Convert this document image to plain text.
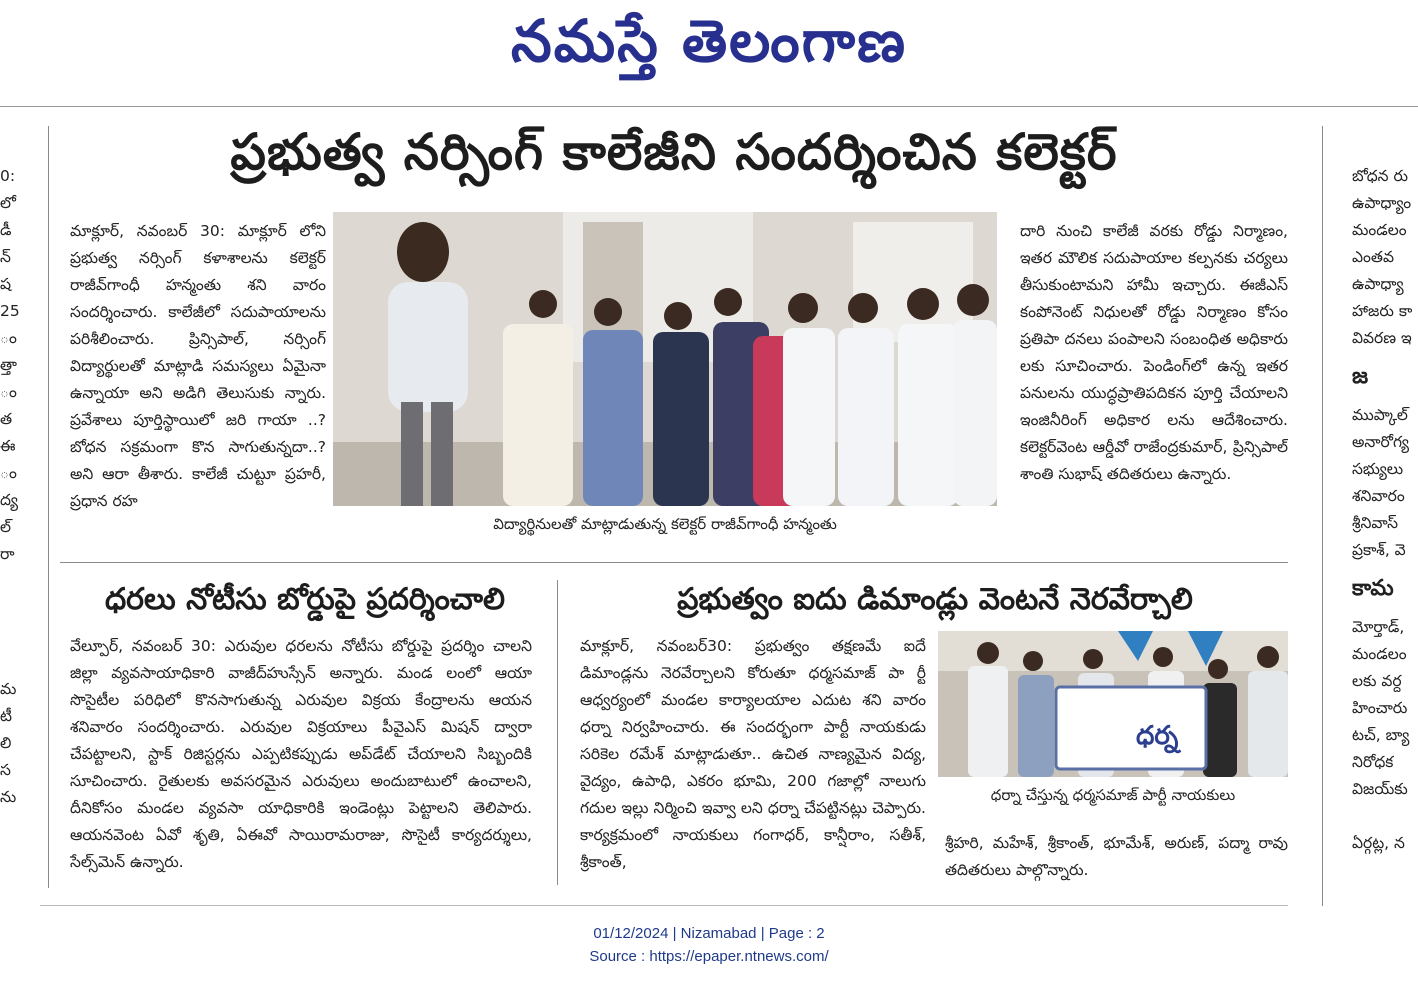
నమస్తే తెలంగాణ
0:
లో
డీ
న్
ష
25
ం
త్తా
ం
త
ఈ
ం
ద్య
ల్
రా
మ
టీ
లి
స
ను
ప్రభుత్వ నర్సింగ్ కాలేజీని సందర్శించిన కలెక్టర్
మాక్లూర్, నవంబర్ 30: మాక్లూర్ లోని ప్రభుత్వ నర్సింగ్ కళాశాలను కలెక్టర్ రాజీవ్‌గాంధీ హన్మంతు శని వారం సందర్శించారు. కాలేజీలో సదుపాయాలను పరిశీలించారు. ప్రిన్సిపాల్, నర్సింగ్ విద్యార్థులతో మాట్లాడి సమస్యలు ఏమైనా ఉన్నాయా అని అడిగి తెలుసుకు న్నారు. ప్రవేశాలు పూర్తిస్థాయిలో జరి గాయా ..? బోధన సక్రమంగా కొన సాగుతున్నదా..? అని ఆరా తీశారు. కాలేజీ చుట్టూ ప్రహరీ, ప్రధాన రహ
విద్యార్థినులతో మాట్లాడుతున్న కలెక్టర్ రాజీవ్‌గాంధీ హన్మంతు
దారి నుంచి కాలేజీ వరకు రోడ్డు నిర్మాణం, ఇతర మౌలిక సదుపాయాల కల్పనకు చర్యలు తీసుకుంటామని హామీ ఇచ్చారు. ఈజీఎస్ కంపోనెంట్ నిధులతో రోడ్డు నిర్మాణం కోసం ప్రతిపా దనలు పంపాలని సంబంధిత అధికారు లకు సూచించారు. పెండింగ్‌లో ఉన్న ఇతర పనులను యుద్ధప్రాతిపదికన పూర్తి చేయాలని ఇంజినీరింగ్ అధికార లను ఆదేశించారు. కలెక్టర్‌వెంట ఆర్డీవో రాజేంద్రకుమార్, ప్రిన్సిపాల్ శాంతి సుభాష్ తదితరులు ఉన్నారు.
ధరలు నోటీసు బోర్డుపై ప్రదర్శించాలి
వేల్పూర్, నవంబర్ 30: ఎరువుల ధరలను నోటీసు బోర్డుపై ప్రదర్శిం చాలని జిల్లా వ్యవసాయాధికారి వాజీద్‌హుస్సేన్ అన్నారు. మండ లంలో ఆయా సొసైటీల పరిధిలో కొనసాగుతున్న ఎరువుల విక్రయ కేంద్రాలను ఆయన శనివారం సందర్శించారు. ఎరువుల విక్రయాలు పీవైఎస్ మిషన్ ద్వారా చేపట్టాలని, స్టాక్ రిజిస్టర్లను ఎప్పటికప్పుడు అప్‌డేట్ చేయాలని సిబ్బందికి సూచించారు. రైతులకు అవసరమైన ఎరువులు అందుబాటులో ఉంచాలని, దీనికోసం మండల వ్యవసా యాధికారికి ఇండెంట్లు పెట్టాలని తెలిపారు. ఆయనవెంట ఏవో శృతి, ఏఈవో సాయిరామరాజు, సొసైటీ కార్యదర్శులు, సేల్స్‌మెన్ ఉన్నారు.
ప్రభుత్వం ఐదు డిమాండ్లు వెంటనే నెరవేర్చాలి
మాక్లూర్, నవంబర్30: ప్రభుత్వం తక్షణమే ఐదే డిమాండ్లను నెరవేర్చాలని కోరుతూ ధర్మసమాజ్ పా ర్టీ ఆధ్వర్యంలో మండల కార్యాలయాల ఎదుట శని వారం ధర్నా నిర్వహించారు. ఈ సందర్భంగా పార్టీ నాయకుడు సరికెల రమేశ్ మాట్లాడుతూ.. ఉచిత నాణ్యమైన విద్య, వైద్యం, ఉపాధి, ఎకరం భూమి, 200 గజాల్లో నాలుగు గదుల ఇల్లు నిర్మించి ఇవ్వా లని ధర్నా చేపట్టినట్లు చెప్పారు. కార్యక్రమంలో నాయకులు గంగాధర్, కాన్షీరాం, సతీశ్, శ్రీకాంత్,
ధర్న
ధర్నా చేస్తున్న ధర్మసమాజ్ పార్టీ నాయకులు
శ్రీహరి, మహేశ్, శ్రీకాంత్, భూమేశ్, అరుణ్, పద్మా రావు తదితరులు పాల్గొన్నారు.
బోధన రు
ఉపాధ్యాం
మండలం
ఎంతవ
ఉపాధ్యా
హాజరు కా
వివరణ ఇ
జ
ముప్కాల్
అనారోగ్య
సభ్యులు
శనివారం
శ్రీనివాస్
ప్రకాశ్, వె
కామ
మోర్తాడ్,
మండలం
లకు వర్ద
హించారు
టచ్, బ్యా
నిరోధక
విజయ్‌కు
ఏర్గట్ల, న
01/12/2024 | Nizamabad | Page : 2
Source : https://epaper.ntnews.com/
